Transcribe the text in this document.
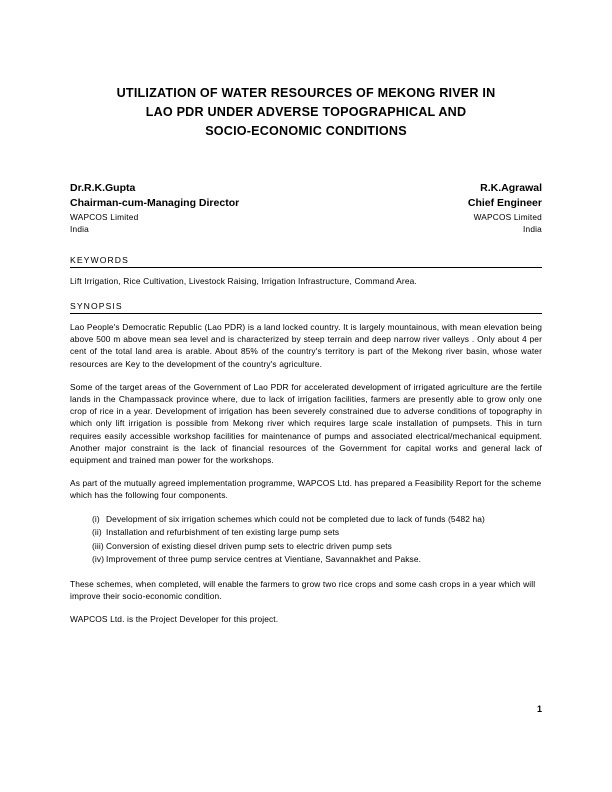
UTILIZATION OF WATER RESOURCES OF MEKONG RIVER IN
LAO PDR UNDER ADVERSE TOPOGRAPHICAL AND
SOCIO-ECONOMIC CONDITIONS
Dr.R.K.Gupta
Chairman-cum-Managing Director
WAPCOS Limited
India
R.K.Agrawal
Chief Engineer
WAPCOS Limited
India
KEYWORDS
Lift Irrigation, Rice Cultivation, Livestock Raising, Irrigation Infrastructure, Command Area.
SYNOPSIS

Lao People's Democratic Republic (Lao PDR) is a land locked country. It is largely mountainous, with mean elevation being above 500 m above mean sea level and is characterized by steep terrain and deep narrow river valleys . Only about 4 per cent of the total land area is arable. About 85% of the country's territory is part of the Mekong river basin, whose water resources are Key to the development of the country's agriculture.

Some of the target areas of the Government of Lao PDR for accelerated development of irrigated agriculture are the fertile lands in the Champassack province where, due to lack of irrigation facilities, farmers are presently able to grow only one crop of rice in a year. Development of irrigation has been severely constrained due to adverse conditions of topography in which only lift irrigation is possible from Mekong river which requires large scale installation of pumpsets. This in turn requires easily accessible workshop facilities for maintenance of pumps and associated electrical/mechanical equipment. Another major constraint is the lack of financial resources of the Government for capital works and general lack of equipment and trained man power for the workshops.

As part of the mutually agreed implementation programme, WAPCOS Ltd. has prepared a Feasibility Report for the scheme which has the following four components.

(i) Development of six irrigation schemes which could not be completed due to lack of funds (5482 ha)
(ii) Installation and refurbishment of ten existing large pump sets
(iii) Conversion of existing diesel driven pump sets to electric driven pump sets
(iv) Improvement of three pump service centres at Vientiane, Savannakhet and Pakse.

These schemes, when completed, will enable the farmers to grow two rice crops and some cash crops in a year which will improve their socio-economic condition.

WAPCOS Ltd. is the Project Developer for this project.

1
